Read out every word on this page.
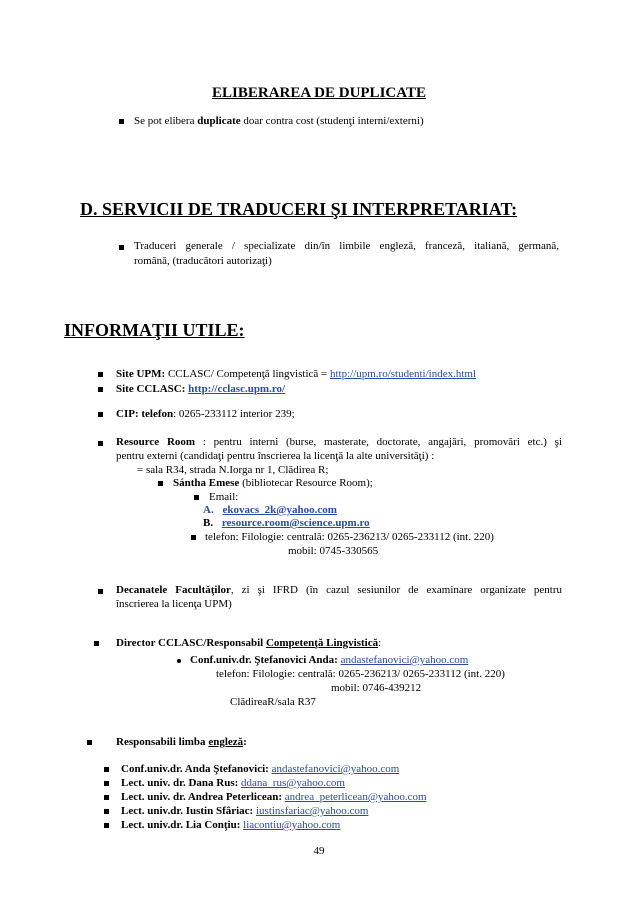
ELIBERAREA DE DUPLICATE
Se pot elibera duplicate doar contra cost (studenţi interni/externi)
D. SERVICII DE TRADUCERI ŞI INTERPRETARIAT:
Traduceri generale / specializate din/în limbile engleză, franceză, italiană, germană,
română, (traducători autorizaţi)
INFORMAŢII UTILE:
Site UPM: CCLASC/ Competenţă lingvistică = http://upm.ro/studenti/index.html
Site CCLASC: http://cclasc.upm.ro/
CIP: telefon: 0265-233112 interior 239;
Resource Room : pentru interni (burse, masterate, doctorate, angajări, promovări etc.) şi
pentru externi (candidaţi pentru înscrierea la licenţă la alte universităţi) :
= sala R34, strada N.Iorga nr 1, Clădirea R;
Sántha Emese (bibliotecar Resource Room);
Email:
A. ekovacs_2k@yahoo.com
B. resource.room@science.upm.ro
telefon: Filologie: centrală: 0265-236213/ 0265-233112 (int. 220)
mobil: 0745-330565
Decanatele Facultăţilor, zi şi IFRD (în cazul sesiunilor de examinare organizate pentru
înscrierea la licenţa UPM)
Director CCLASC/Responsabil Competenţă Lingvistică:
Conf.univ.dr. Ştefanovici Anda: andastefanovici@yahoo.com
telefon: Filologie: centrală: 0265-236213/ 0265-233112 (int. 220)
mobil: 0746-439212
ClădireaR/sala R37
Responsabili limba engleză:
Conf.univ.dr. Anda Ştefanovici: andastefanovici@yahoo.com
Lect. univ. dr. Dana Rus: ddana_rus@yahoo.com
Lect. univ. dr. Andrea Peterlicean: andrea_peterlicean@yahoo.com
Lect. univ.dr. Iustin Sfâriac: iustinsfariac@yahoo.com
Lect. univ.dr. Lia Conţiu: liacontiu@yahoo.com
49
